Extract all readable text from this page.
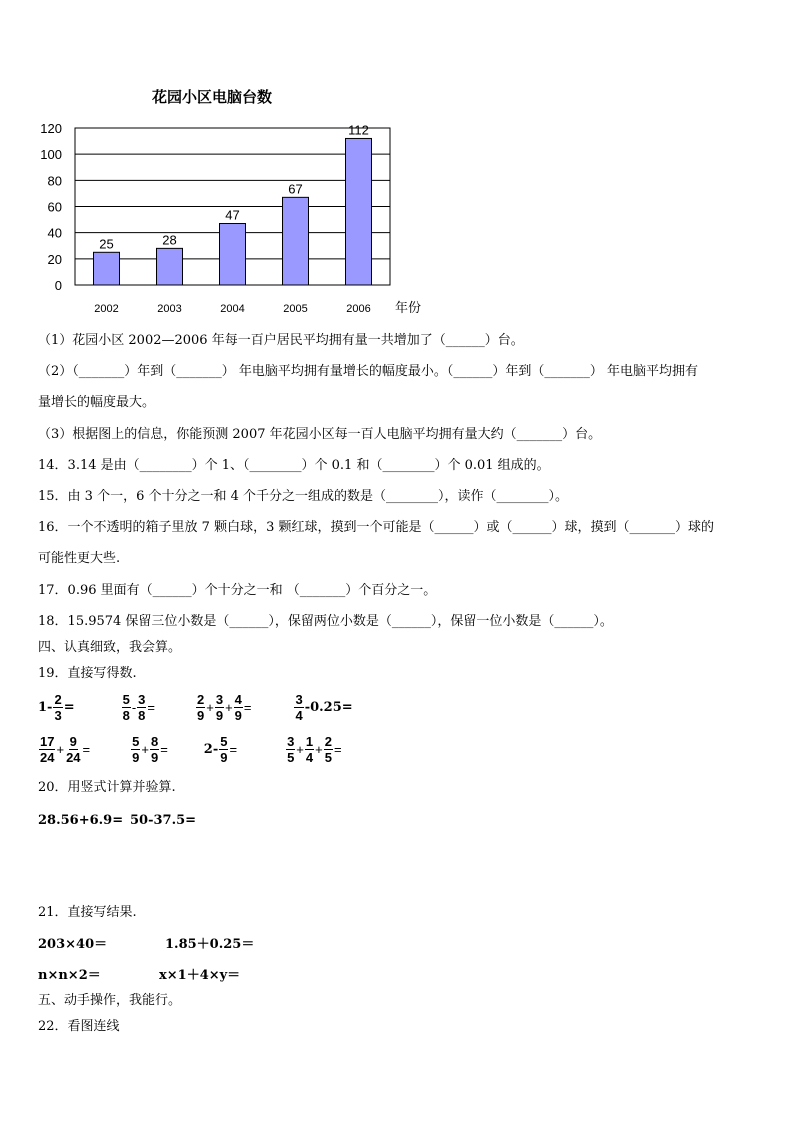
花园小区电脑台数
0
20
40
60
80
100
120
25	28
47
67
112
2002	2003	2004	2005	2006 年份
（1）花园小区 2002—2006 年每一百户居民平均拥有量一共增加了（______）台。
（2）（_______）年到（_______） 年电脑平均拥有量增长的幅度最小。（______）年到（_______） 年电脑平均拥有
量增长的幅度最大。
（3）根据图上的信息，你能预测 2007 年花园小区每一百人电脑平均拥有量大约（_______）台。
14．3.14 是由（________）个 1、（________）个 0.1 和（________）个 0.01 组成的。
15．由 3 个一，6 个十分之一和 4 个千分之一组成的数是（________），读作（________）。
16．一个不透明的箱子里放 7 颗白球，3 颗红球，摸到一个可能是（______）或（______）球，摸到（_______）球的
可能性更大些.
17．0.96 里面有（______）个十分之一和 （_______）个百分之一。
18．15.9574 保留三位小数是（______），保留两位小数是（______），保留一位小数是（______）。
四、认真细致，我会算。
19．直接写得数.
$1- \frac{2}{3}$ =	$\frac{5}{8} - \frac{3}{8}$ =	$\frac{2}{9} + \frac{3}{9} + \frac{4}{9}$ =	$\frac{3}{4} -0.25=$
$\frac{17}{24} + \frac{9}{24}$ =	$\frac{5}{9} + \frac{8}{9}$ =	$2- \frac{5}{9}$ =	$\frac{3}{5} + \frac{1}{4} + \frac{2}{5}$ =
20．用竖式计算并验算.
28.56+6.9= 50-37.5=
21．直接写结果.
203×40＝	1.85＋0.25＝
n×n×2＝	x×1＋4×y＝
五、动手操作，我能行。
22．看图连线
